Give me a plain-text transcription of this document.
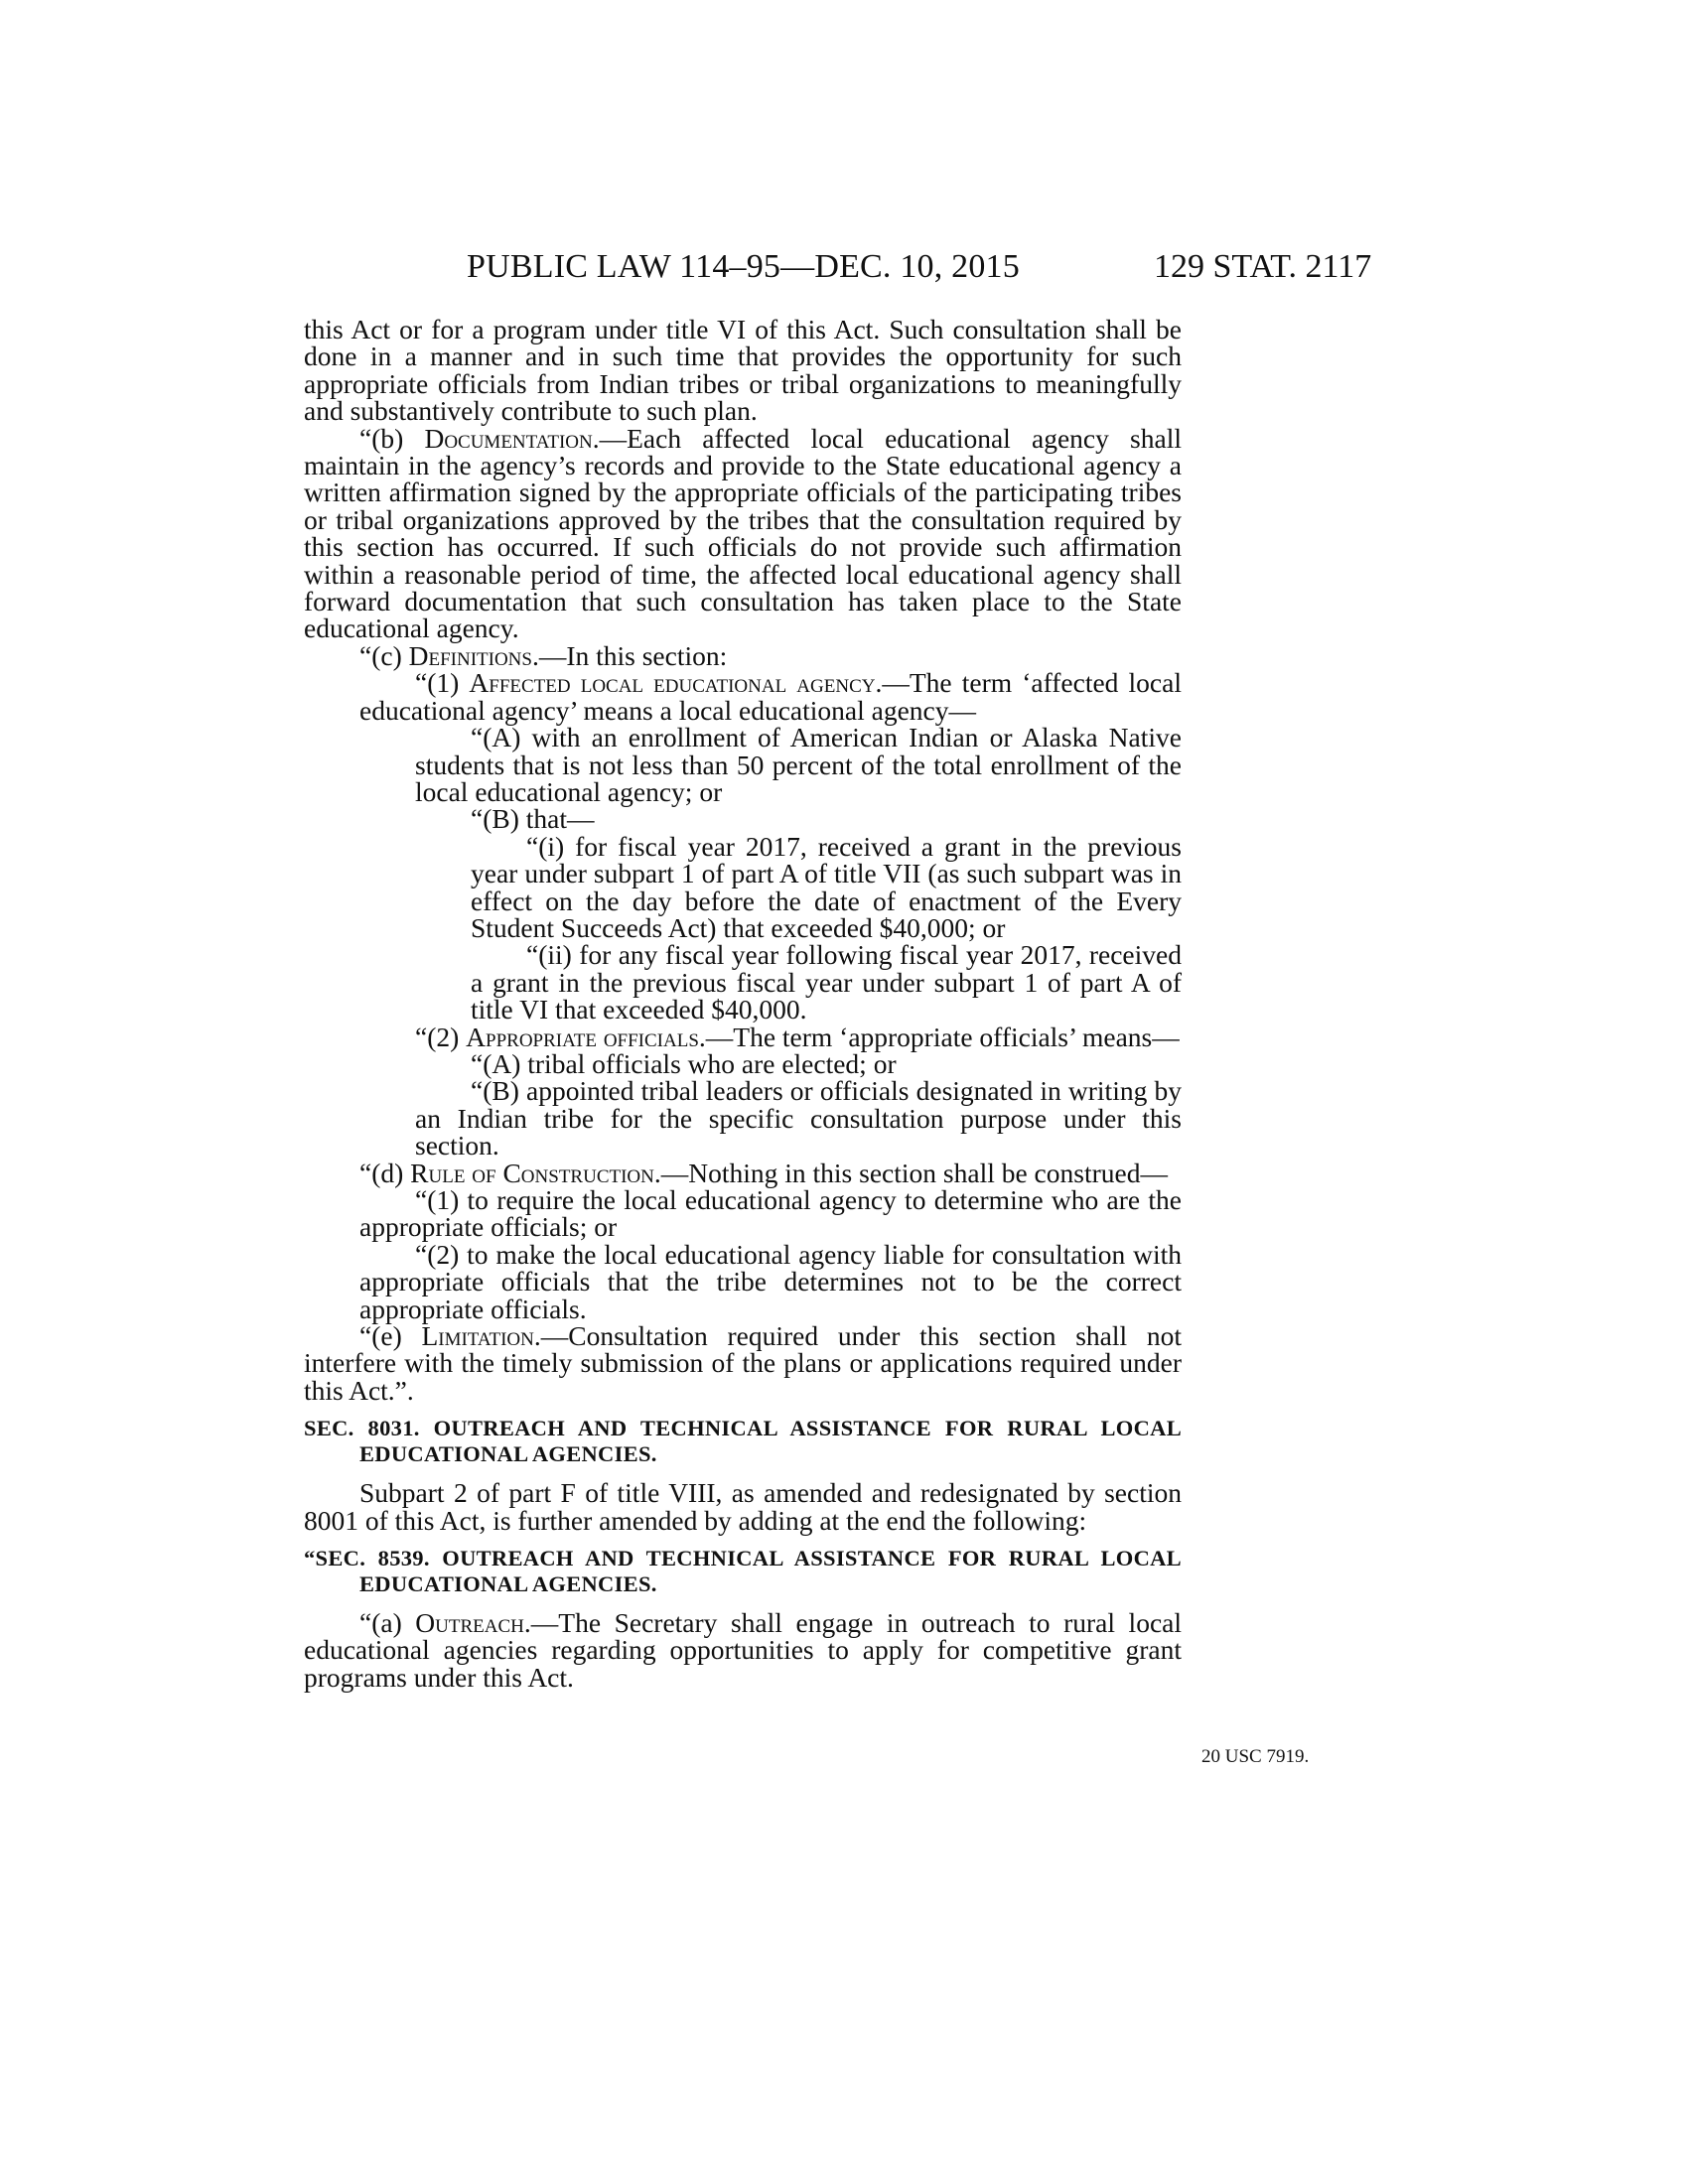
PUBLIC LAW 114–95—DEC. 10, 2015	129 STAT. 2117

this Act or for a program under title VI of this Act. Such consultation shall be done in a manner and in such time that provides the opportunity for such appropriate officials from Indian tribes or tribal organizations to meaningfully and substantively contribute to such plan.

“(b) Documentation.—Each affected local educational agency shall maintain in the agency’s records and provide to the State educational agency a written affirmation signed by the appropriate officials of the participating tribes or tribal organizations approved by the tribes that the consultation required by this section has occurred. If such officials do not provide such affirmation within a reasonable period of time, the affected local educational agency shall forward documentation that such consultation has taken place to the State educational agency.

“(c) Definitions.—In this section:

“(1) Affected local educational agency.—The term ‘affected local educational agency’ means a local educational agency—

“(A) with an enrollment of American Indian or Alaska Native students that is not less than 50 percent of the total enrollment of the local educational agency; or

“(B) that—

“(i) for fiscal year 2017, received a grant in the previous year under subpart 1 of part A of title VII (as such subpart was in effect on the day before the date of enactment of the Every Student Succeeds Act) that exceeded $40,000; or

“(ii) for any fiscal year following fiscal year 2017, received a grant in the previous fiscal year under subpart 1 of part A of title VI that exceeded $40,000.

“(2) Appropriate officials.—The term ‘appropriate officials’ means—

“(A) tribal officials who are elected; or

“(B) appointed tribal leaders or officials designated in writing by an Indian tribe for the specific consultation purpose under this section.

“(d) Rule of Construction.—Nothing in this section shall be construed—

“(1) to require the local educational agency to determine who are the appropriate officials; or

“(2) to make the local educational agency liable for consultation with appropriate officials that the tribe determines not to be the correct appropriate officials.

“(e) Limitation.—Consultation required under this section shall not interfere with the timely submission of the plans or applications required under this Act.”.

SEC. 8031. OUTREACH AND TECHNICAL ASSISTANCE FOR RURAL LOCAL EDUCATIONAL AGENCIES.

Subpart 2 of part F of title VIII, as amended and redesignated by section 8001 of this Act, is further amended by adding at the end the following:

“SEC. 8539. OUTREACH AND TECHNICAL ASSISTANCE FOR RURAL LOCAL EDUCATIONAL AGENCIES.

“(a) Outreach.—The Secretary shall engage in outreach to rural local educational agencies regarding opportunities to apply for competitive grant programs under this Act.

20 USC 7919.
